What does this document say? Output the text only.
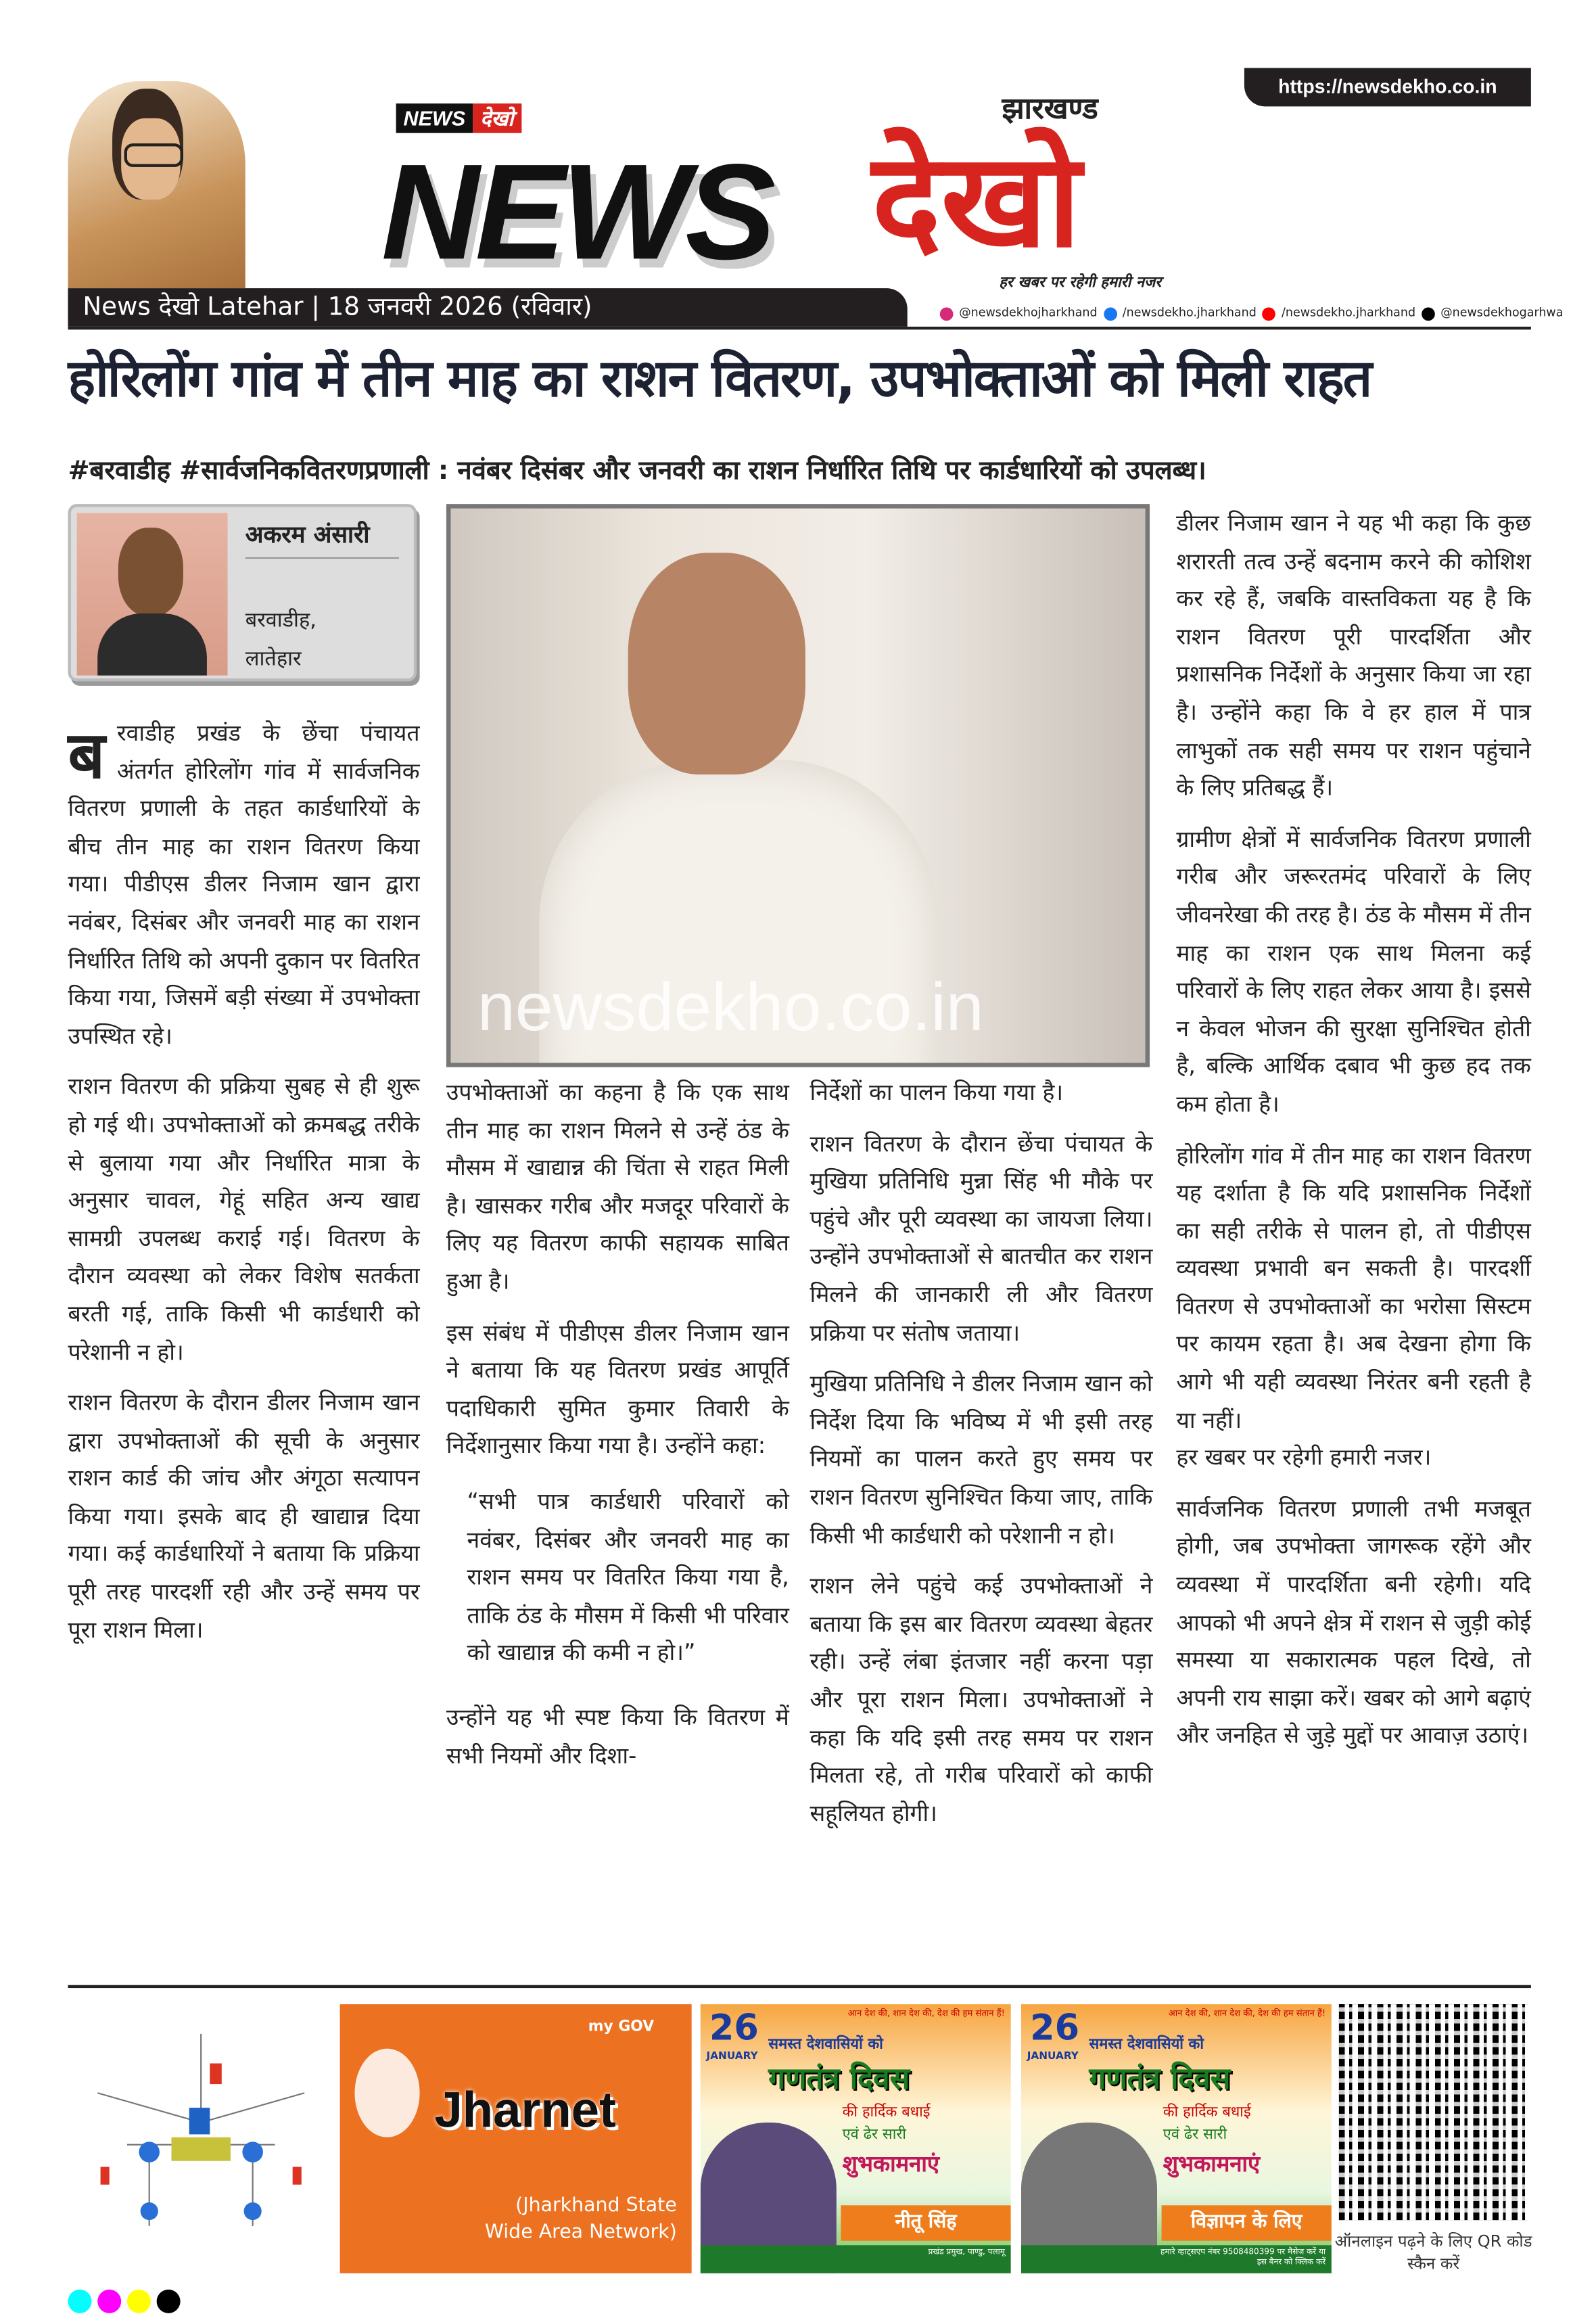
https://newsdekho.co.in
NEWS	देखो
NEWS देखो
झारखण्ड
हर खबर पर रहेगी हमारी नजर
News देखो Latehar | 18 जनवरी 2026 (रविवार)	@newsdekhojharkhand	/newsdekho.jharkhand	/newsdekho.jharkhand	@newsdekhogarhwa
होरिलोंग गांव में तीन माह का राशन वितरण, उपभोक्ताओं को मिली राहत
#बरवाडीह #सार्वजनिकवितरणप्रणाली : नवंबर दिसंबर और जनवरी का राशन निर्धारित तिथि पर कार्डधारियों को उपलब्ध।
अकरम अंसारी
बरवाडीह,
लातेहार
newsdekho.co.in

ब रवाडीह प्रखंड के छेंचा पंचायत अंतर्गत होरिलोंग गांव में सार्वजनिक वितरण प्रणाली के तहत कार्डधारियों के बीच तीन माह का राशन वितरण किया गया। पीडीएस डीलर निजाम खान द्वारा नवंबर, दिसंबर और जनवरी माह का राशन निर्धारित तिथि को अपनी दुकान पर वितरित किया गया, जिसमें बड़ी संख्या में उपभोक्ता उपस्थित रहे।

राशन वितरण की प्रक्रिया सुबह से ही शुरू हो गई थी। उपभोक्ताओं को क्रमबद्ध तरीके से बुलाया गया और निर्धारित मात्रा के अनुसार चावल, गेहूं सहित अन्य खाद्य सामग्री उपलब्ध कराई गई। वितरण के दौरान व्यवस्था को लेकर विशेष सतर्कता बरती गई, ताकि किसी भी कार्डधारी को परेशानी न हो।

राशन वितरण के दौरान डीलर निजाम खान द्वारा उपभोक्ताओं की सूची के अनुसार राशन कार्ड की जांच और अंगूठा सत्यापन किया गया। इसके बाद ही खाद्यान्न दिया गया। कई कार्डधारियों ने बताया कि प्रक्रिया पूरी तरह पारदर्शी रही और उन्हें समय पर पूरा राशन मिला।

उपभोक्ताओं का कहना है कि एक साथ तीन माह का राशन मिलने से उन्हें ठंड के मौसम में खाद्यान्न की चिंता से राहत मिली है। खासकर गरीब और मजदूर परिवारों के लिए यह वितरण काफी सहायक साबित हुआ है।

इस संबंध में पीडीएस डीलर निजाम खान ने बताया कि यह वितरण प्रखंड आपूर्ति पदाधिकारी सुमित कुमार तिवारी के निर्देशानुसार किया गया है। उन्होंने कहा:

“सभी पात्र कार्डधारी परिवारों को नवंबर, दिसंबर और जनवरी माह का राशन समय पर वितरित किया गया है, ताकि ठंड के मौसम में किसी भी परिवार को खाद्यान्न की कमी न हो।”

उन्होंने यह भी स्पष्ट किया कि वितरण में सभी नियमों और दिशा-

निर्देशों का पालन किया गया है।

राशन वितरण के दौरान छेंचा पंचायत के मुखिया प्रतिनिधि मुन्ना सिंह भी मौके पर पहुंचे और पूरी व्यवस्था का जायजा लिया। उन्होंने उपभोक्ताओं से बातचीत कर राशन मिलने की जानकारी ली और वितरण प्रक्रिया पर संतोष जताया।

मुखिया प्रतिनिधि ने डीलर निजाम खान को निर्देश दिया कि भविष्य में भी इसी तरह नियमों का पालन करते हुए समय पर राशन वितरण सुनिश्चित किया जाए, ताकि किसी भी कार्डधारी को परेशानी न हो।

राशन लेने पहुंचे कई उपभोक्ताओं ने बताया कि इस बार वितरण व्यवस्था बेहतर रही। उन्हें लंबा इंतजार नहीं करना पड़ा और पूरा राशन मिला। उपभोक्ताओं ने कहा कि यदि इसी तरह समय पर राशन मिलता रहे, तो गरीब परिवारों को काफी सहूलियत होगी।

डीलर निजाम खान ने यह भी कहा कि कुछ शरारती तत्व उन्हें बदनाम करने की कोशिश कर रहे हैं, जबकि वास्तविकता यह है कि राशन वितरण पूरी पारदर्शिता और प्रशासनिक निर्देशों के अनुसार किया जा रहा है। उन्होंने कहा कि वे हर हाल में पात्र लाभुकों तक सही समय पर राशन पहुंचाने के लिए प्रतिबद्ध हैं।

ग्रामीण क्षेत्रों में सार्वजनिक वितरण प्रणाली गरीब और जरूरतमंद परिवारों के लिए जीवनरेखा की तरह है। ठंड के मौसम में तीन माह का राशन एक साथ मिलना कई परिवारों के लिए राहत लेकर आया है। इससे न केवल भोजन की सुरक्षा सुनिश्चित होती है, बल्कि आर्थिक दबाव भी कुछ हद तक कम होता है।

होरिलोंग गांव में तीन माह का राशन वितरण यह दर्शाता है कि यदि प्रशासनिक निर्देशों का सही तरीके से पालन हो, तो पीडीएस व्यवस्था प्रभावी बन सकती है। पारदर्शी वितरण से उपभोक्ताओं का भरोसा सिस्टम पर कायम रहता है। अब देखना होगा कि आगे भी यही व्यवस्था निरंतर बनी रहती है या नहीं।

हर खबर पर रहेगी हमारी नजर।

सार्वजनिक वितरण प्रणाली तभी मजबूत होगी, जब उपभोक्ता जागरूक रहेंगे और व्यवस्था में पारदर्शिता बनी रहेगी। यदि आपको भी अपने क्षेत्र में राशन से जुड़ी कोई समस्या या सकारात्मक पहल दिखे, तो अपनी राय साझा करें। खबर को आगे बढ़ाएं और जनहित से जुड़े मुद्दों पर आवाज़ उठाएं।

my GOV
Jharnet
(Jharkhand State Wide Area Network)
26
JANUARY
आन देश की, शान देश की, देश की हम संतान हैं!
समस्त देशवासियों को
गणतंत्र दिवस
की हार्दिक बधाई
एवं ढेर सारी
शुभकामनाएं
नीतू सिंह
प्रखंड प्रमुख, पाण्डु, पलामू
26
JANUARY
आन देश की, शान देश की, देश की हम संतान हैं!
समस्त देशवासियों को
गणतंत्र दिवस
की हार्दिक बधाई
एवं ढेर सारी
शुभकामनाएं
विज्ञापन के लिए
हमारे व्हाट्सएप नंबर 9508480399 पर मैसेज करें या इस बैनर को क्लिक करें
ऑनलाइन पढ़ने के लिए QR कोड स्कैन करें
